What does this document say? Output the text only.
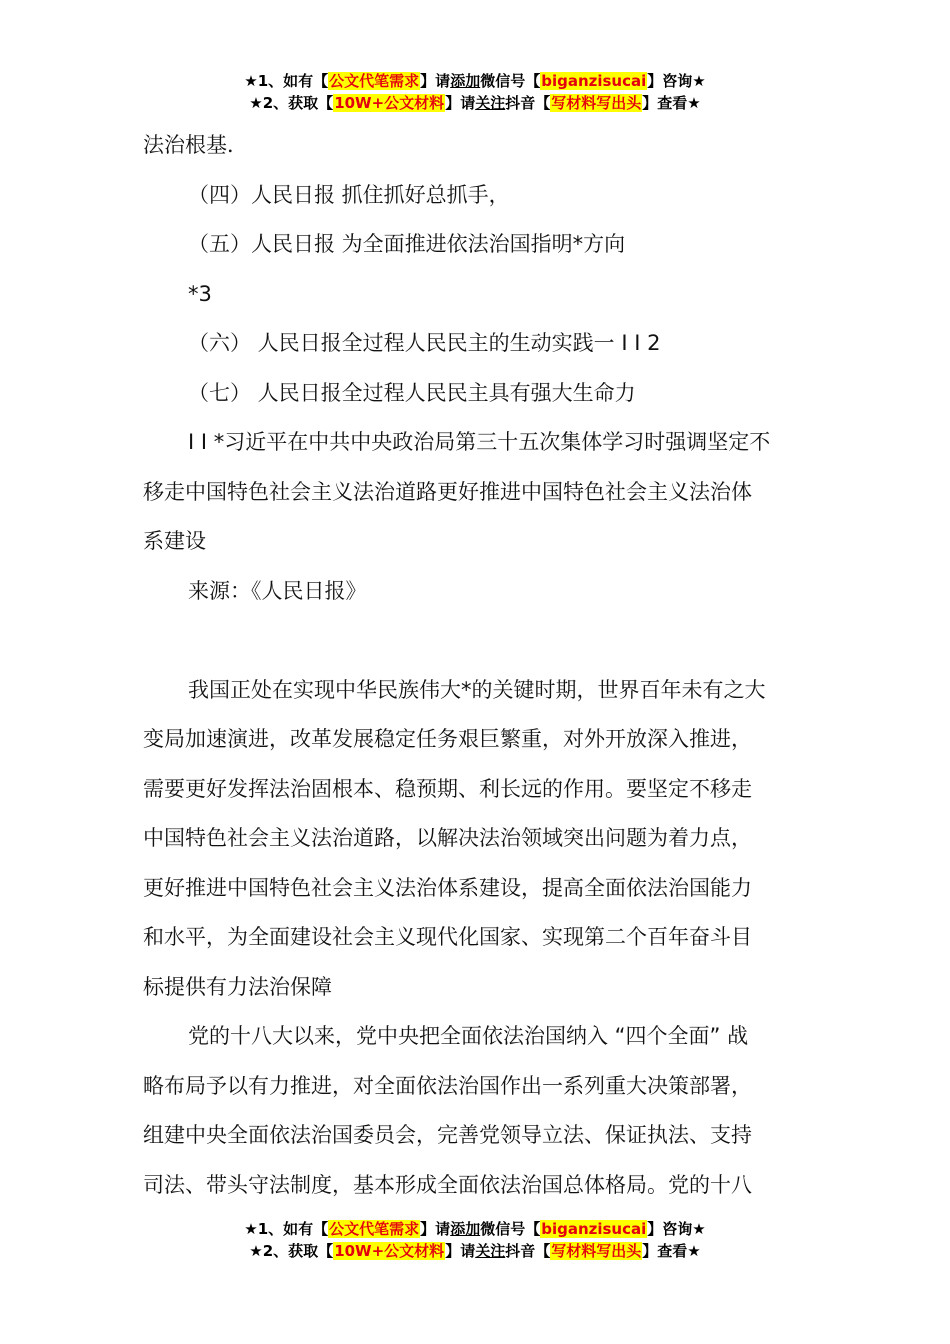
★1、如有【公文代笔需求】请添加微信号【biganzisucai】咨询★
★2、获取【10W+公文材料】请关注抖音【写材料写出头】查看★

法治根基．

（四）人民日报 抓住抓好总抓手，

（五）人民日报 为全面推进依法治国指明*方向

*3

（六） 人民日报全过程人民民主的生动实践一 I I 2

（七） 人民日报全过程人民民主具有强大生命力

I I *习近平在中共中央政治局第三十五次集体学习时强调坚定不

移走中国特色社会主义法治道路更好推进中国特色社会主义法治体

系建设

来源：《人民日报》

我国正处在实现中华民族伟大*的关键时期，世界百年未有之大

变局加速演进，改革发展稳定任务艰巨繁重，对外开放深入推进，

需要更好发挥法治固根本、稳预期、利长远的作用。要坚定不移走

中国特色社会主义法治道路，以解决法治领域突出问题为着力点，

更好推进中国特色社会主义法治体系建设，提高全面依法治国能力

和水平，为全面建设社会主义现代化国家、实现第二个百年奋斗目

标提供有力法治保障

党的十八大以来，党中央把全面依法治国纳入 “四个全面” 战

略布局予以有力推进，对全面依法治国作出一系列重大决策部署，

组建中央全面依法治国委员会，完善党领导立法、保证执法、支持

司法、带头守法制度，基本形成全面依法治国总体格局。党的十八

★1、如有【公文代笔需求】请添加微信号【biganzisucai】咨询★
★2、获取【10W+公文材料】请关注抖音【写材料写出头】查看★
